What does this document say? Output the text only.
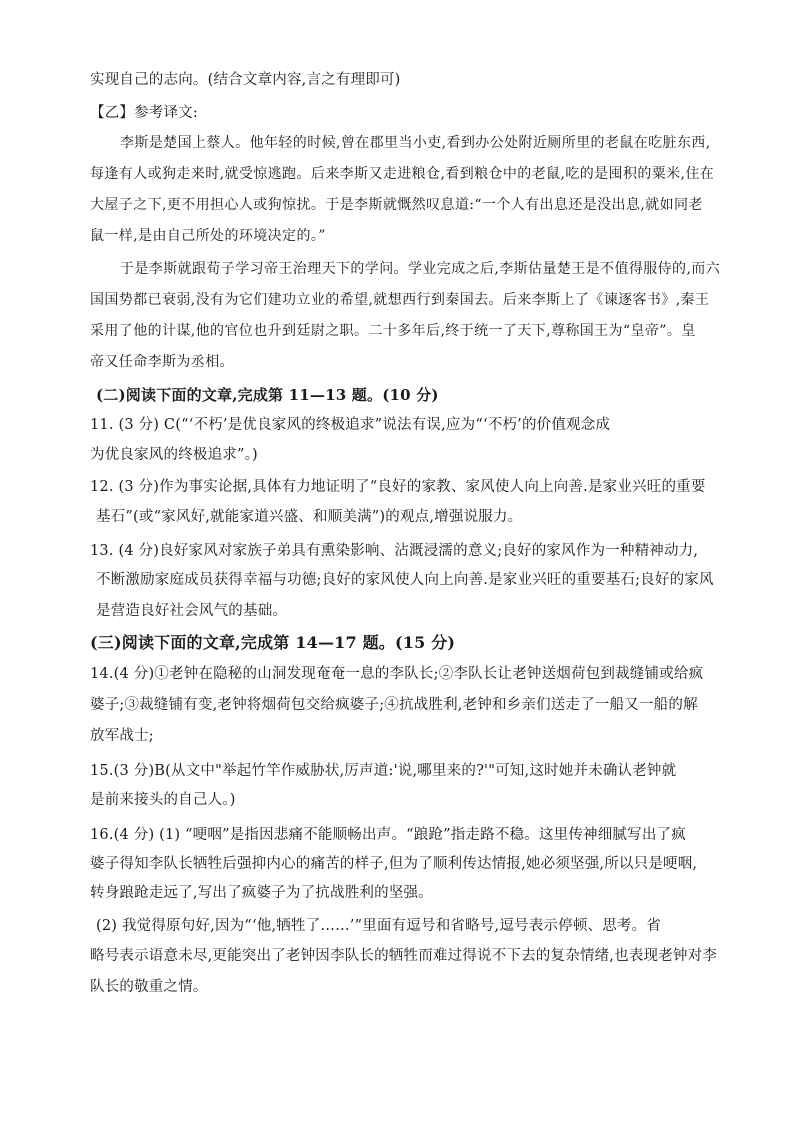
实现自己的志向。(结合文章内容,言之有理即可)
【乙】参考译文:
李斯是楚国上蔡人。他年轻的时候,曾在郡里当小吏,看到办公处附近厕所里的老鼠在吃脏东西,
每逢有人或狗走来时,就受惊逃跑。后来李斯又走进粮仓,看到粮仓中的老鼠,吃的是囤积的粟米,住在
大屋子之下,更不用担心人或狗惊扰。于是李斯就慨然叹息道:“一个人有出息还是没出息,就如同老
鼠一样,是由自己所处的环境决定的。”
于是李斯就跟荀子学习帝王治理天下的学问。学业完成之后,李斯估量楚王是不值得服侍的,而六
国国势都已衰弱,没有为它们建功立业的希望,就想西行到秦国去。后来李斯上了《谏逐客书》,秦王
采用了他的计谋,他的官位也升到廷尉之职。二十多年后,终于统一了天下,尊称国王为“皇帝”。皇
帝又任命李斯为丞相。
(二)阅读下面的文章,完成第 11—13 题。(10 分)
11. (3 分) C(“‘不朽’是优良家风的终极追求”说法有误,应为“‘不朽’的价值观念成
为优良家风的终极追求”。)
12. (3 分)作为事实论据,具体有力地证明了“良好的家教、家风使人向上向善.是家业兴旺的重要
基石”(或“家风好,就能家道兴盛、和顺美满”)的观点,增强说服力。
13. (4 分)良好家风对家族子弟具有熏染影响、沾溉浸濡的意义;良好的家风作为一种精神动力,
不断激励家庭成员获得幸福与功德;良好的家风使人向上向善.是家业兴旺的重要基石;良好的家风
是营造良好社会风气的基础。
(三)阅读下面的文章,完成第 14—17 题。(15 分)
14.(4 分)①老钟在隐秘的山洞发现奄奄一息的李队长;②李队长让老钟送烟荷包到裁缝铺或给疯
婆子;③裁缝铺有变,老钟将烟荷包交给疯婆子;④抗战胜利,老钟和乡亲们送走了一船又一船的解
放军战士;
15.(3 分)B(从文中"举起竹竿作威胁状,厉声道:'说,哪里来的?'"可知,这时她并未确认老钟就
是前来接头的自己人。)
16.(4 分) (1) “哽咽”是指因悲痛不能顺畅出声。“踉跄”指走路不稳。这里传神细腻写出了疯
婆子得知李队长牺牲后强抑内心的痛苦的样子,但为了顺利传达情报,她必须坚强,所以只是哽咽,
转身踉跄走远了,写出了疯婆子为了抗战胜利的坚强。
(2) 我觉得原句好,因为“‘他,牺牲了……’”里面有逗号和省略号,逗号表示停顿、思考。省
略号表示语意未尽,更能突出了老钟因李队长的牺牲而难过得说不下去的复杂情绪,也表现老钟对李
队长的敬重之情。
